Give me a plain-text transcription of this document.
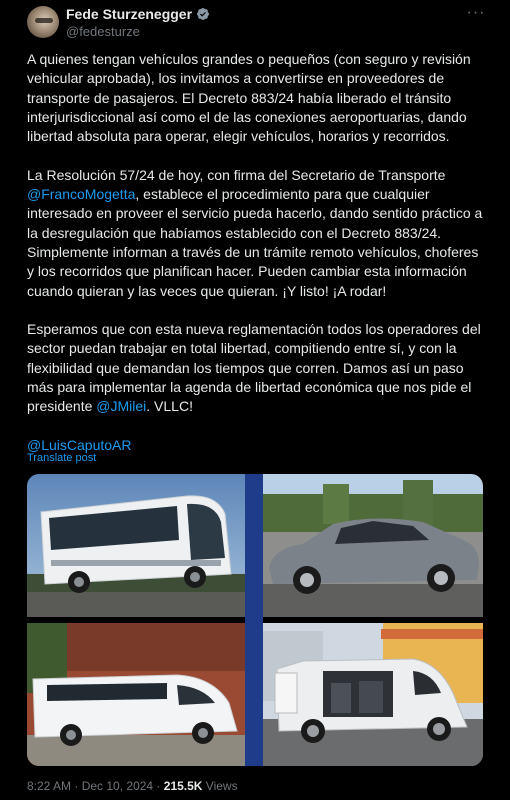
Fede Sturzenegger
@fedesturze
···

A quienes tengan vehículos grandes o pequeños (con seguro y revisión vehicular aprobada), los invitamos a convertirse en proveedores de transporte de pasajeros. El Decreto 883/24 había liberado el tránsito interjurisdiccional así como el de las conexiones aeroportuarias, dando libertad absoluta para operar, elegir vehículos, horarios y recorridos.

La Resolución 57/24 de hoy, con firma del Secretario de Transporte @FrancoMogetta, establece el procedimiento para que cualquier interesado en proveer el servicio pueda hacerlo, dando sentido práctico a la desregulación que habíamos establecido con el Decreto 883/24. Simplemente informan a través de un trámite remoto vehículos, choferes y los recorridos que planifican hacer. Pueden cambiar esta información cuando quieran y las veces que quieran. ¡Y listo! ¡A rodar!

Esperamos que con esta nueva reglamentación todos los operadores del sector puedan trabajar en total libertad, compitiendo entre sí, y con la flexibilidad que demandan los tiempos que corren. Damos así un paso más para implementar la agenda de libertad económica que nos pide el presidente @JMilei. VLLC!

@LuisCaputoAR

Translate post
8:22 AM · Dec 10, 2024 · 215.5K Views
